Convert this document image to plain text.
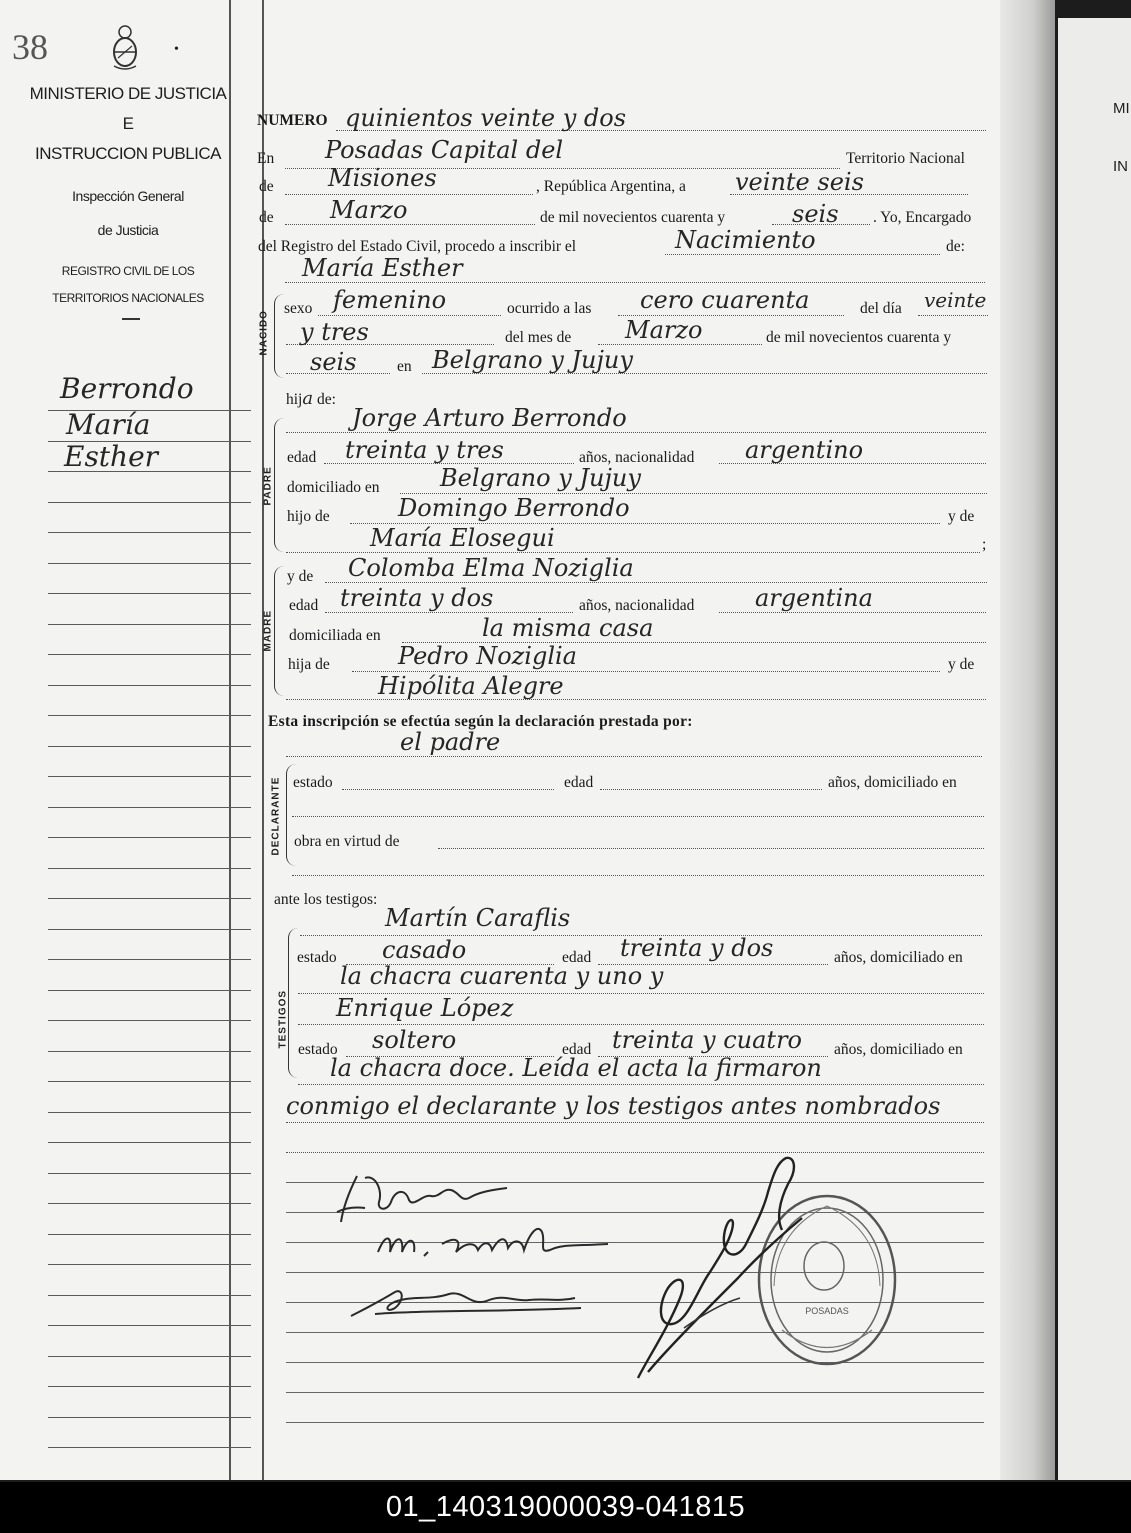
38	•
MINISTERIO DE JUSTICIA
E
INSTRUCCION PUBLICA
Inspección General
de Justicia
REGISTRO CIVIL DE LOS
TERRITORIOS NACIONALES
Berrondo
María
Esther
NUMERO quinientos veinte y dos
En Posadas Capital del	Territorio Nacional
de Misiones	, República Argentina, a veinte seis
de Marzo	de mil novecientos cuarenta y	seis . Yo, Encargado
del Registro del Estado Civil, procedo a inscribir el	Nacimiento	de:
María Esther
NACIDO
sexo femenino	ocurrido a las cero cuarenta	del día veinte
y tres	del mes de Marzo	de mil novecientos cuarenta y
seis	en Belgrano y Jujuy
hija de:
PADRE
Jorge Arturo Berrondo
edad treinta y tres	años, nacionalidad argentino
domiciliado en	Belgrano y Jujuy
hijo de	Domingo Berrondo	y de
María Elosegui	;
MADRE
y de Colomba Elma Noziglia
edad treinta y dos	años, nacionalidad	argentina
domiciliada en	la misma casa
hija de	Pedro Noziglia	y de
Hipólita Alegre
Esta inscripción se efectúa según la declaración prestada por:
el padre
DECLARANTE estado	edad	años, domiciliado en
obra en virtud de
ante los testigos:
Martín Caraflis
TESTIGOS
estado casado	edad treinta y dos	años, domiciliado en
la chacra cuarenta y uno y
Enrique López
estado soltero	edad treinta y cuatro años, domiciliado en
la chacra doce. Leída el acta la firmaron
conmigo el declarante y los testigos antes nombrados
POSADAS
MI
IN
01_140319000039-041815
